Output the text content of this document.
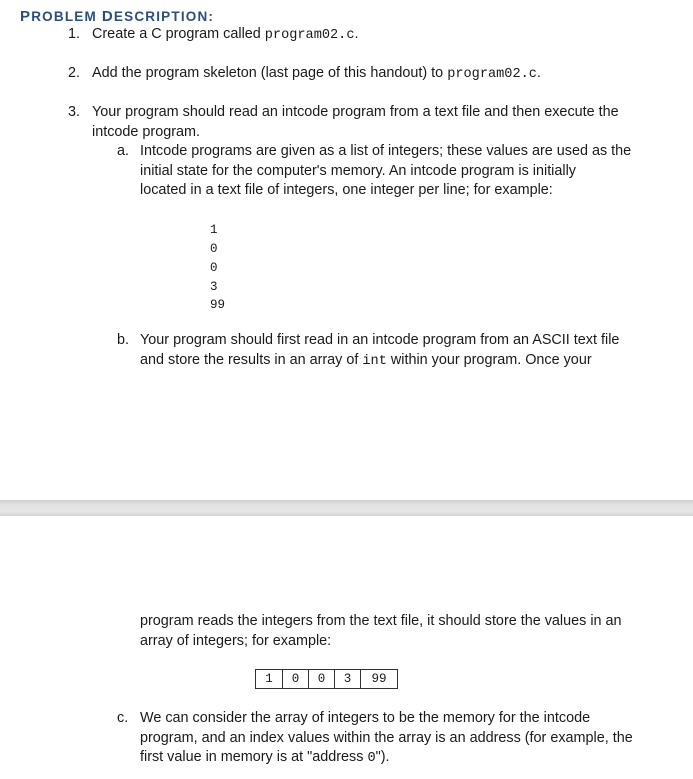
PROBLEM DESCRIPTION:
1. Create a C program called program02.c.
2. Add the program skeleton (last page of this handout) to program02.c.
3. Your program should read an intcode program from a text file and then execute the
intcode program.
a. Intcode programs are given as a list of integers; these values are used as the
initial state for the computer's memory. An intcode program is initially
located in a text file of integers, one integer per line; for example:
1
0
0
3
99
b. Your program should first read in an intcode program from an ASCII text file
and store the results in an array of int within your program. Once your
program reads the integers from the text file, it should store the values in an
array of integers; for example:
1	0	0	3	99
c. We can consider the array of integers to be the memory for the intcode
program, and an index values within the array is an address (for example, the
first value in memory is at "address 0").
